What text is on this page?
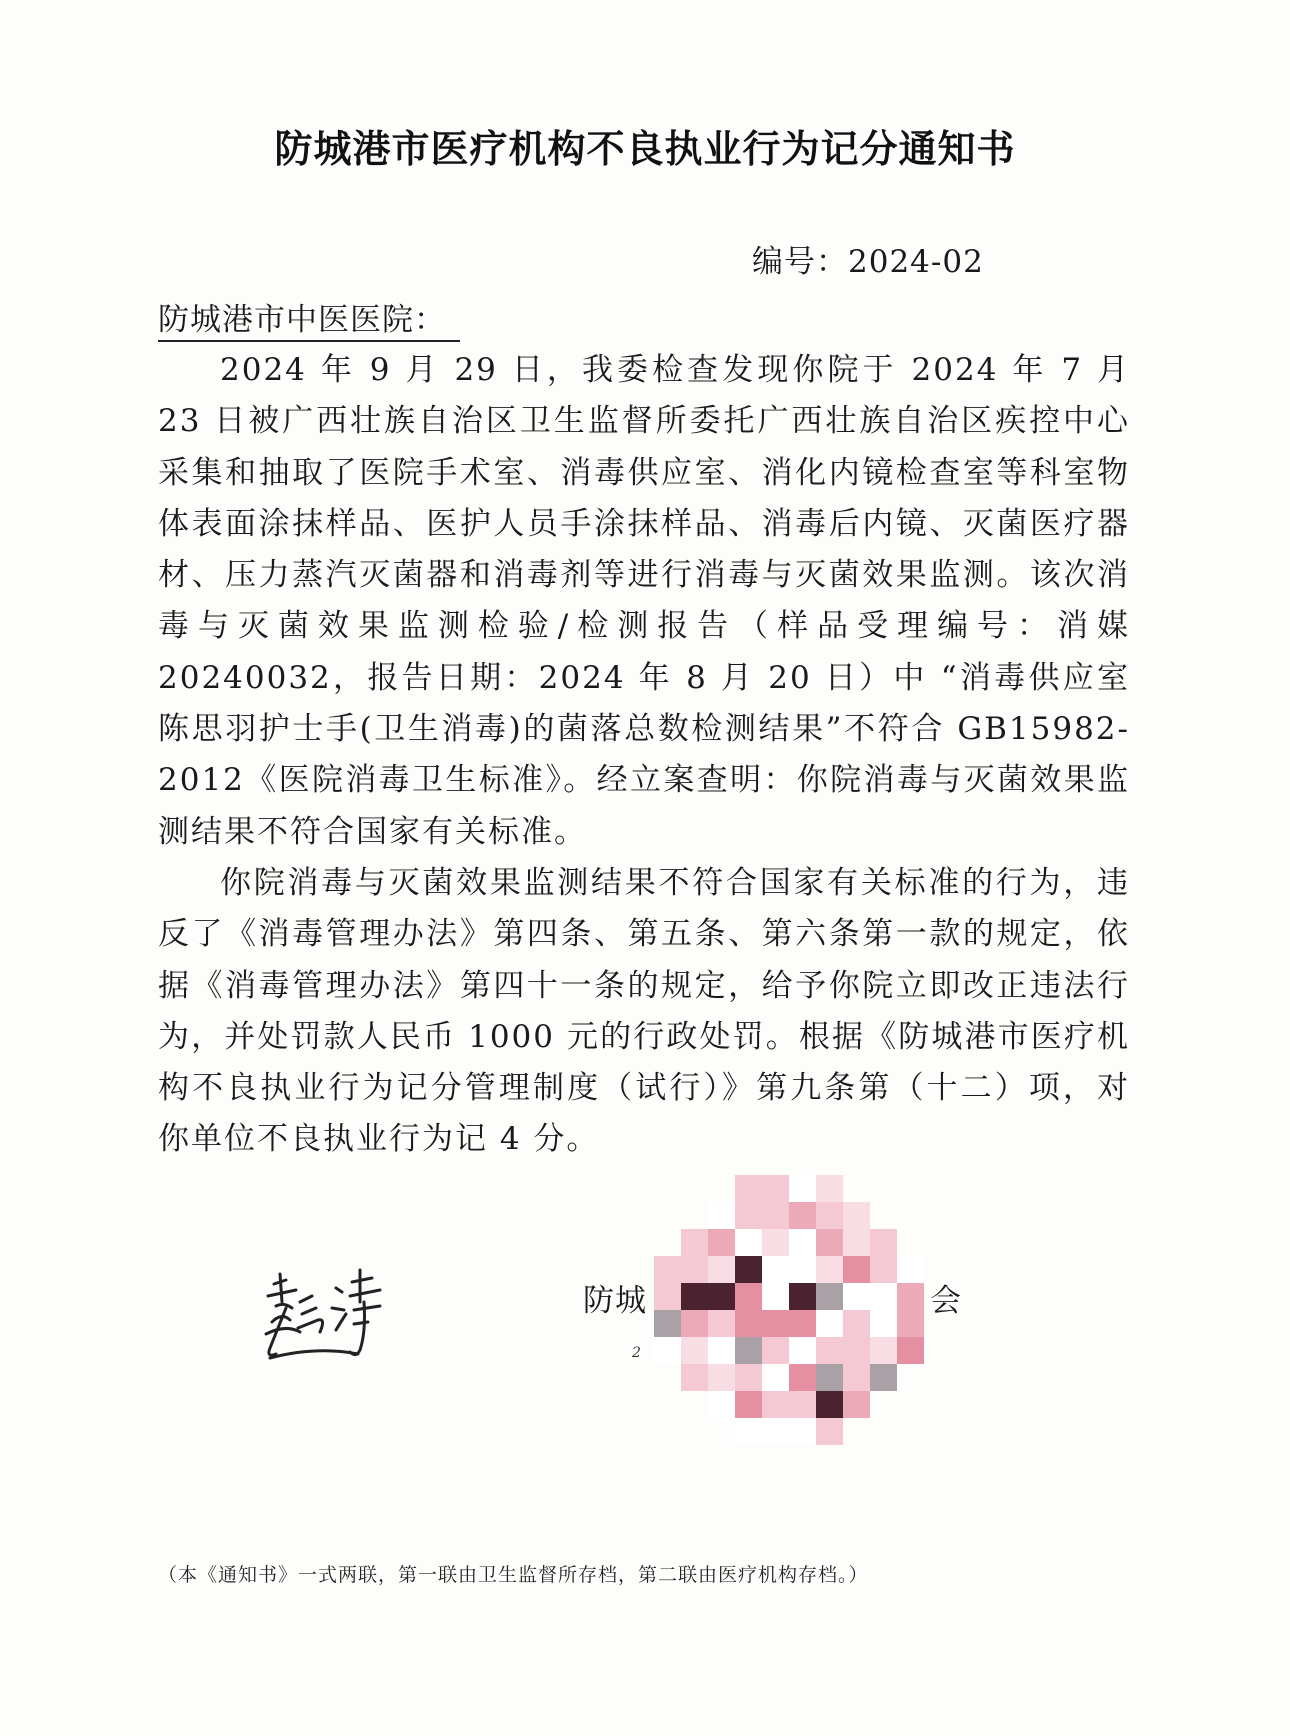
防城港市医疗机构不良执业行为记分通知书
编号：2024-02
防城港市中医医院：

2024 年 9 月 29 日，我委检查发现你院于 2024 年 7 月 23 日被广西壮族自治区卫生监督所委托广西壮族自治区疾控中心采集和抽取了医院手术室、消毒供应室、消化内镜检查室等科室物体表面涂抹样品、医护人员手涂抹样品、消毒后内镜、灭菌医疗器材、压力蒸汽灭菌器和消毒剂等进行消毒与灭菌效果监测。该次消毒与灭菌效果监测检验/检测报告（样品受理编号：消媒20240032，报告日期：2024 年 8 月 20 日）中 “消毒供应室陈思羽护士手(卫生消毒)的菌落总数检测结果”不符合 GB15982-2012《医院消毒卫生标准》。经立案查明：你院消毒与灭菌效果监测结果不符合国家有关标准。

你院消毒与灭菌效果监测结果不符合国家有关标准的行为，违反了《消毒管理办法》第四条、第五条、第六条第一款的规定，依据《消毒管理办法》第四十一条的规定，给予你院立即改正违法行为，并处罚款人民币 1000 元的行政处罚。根据《防城港市医疗机构不良执业行为记分管理制度（试行）》第九条第（十二）项，对你单位不良执业行为记 4 分。

防城	会
2
（本《通知书》一式两联，第一联由卫生监督所存档，第二联由医疗机构存档。）
